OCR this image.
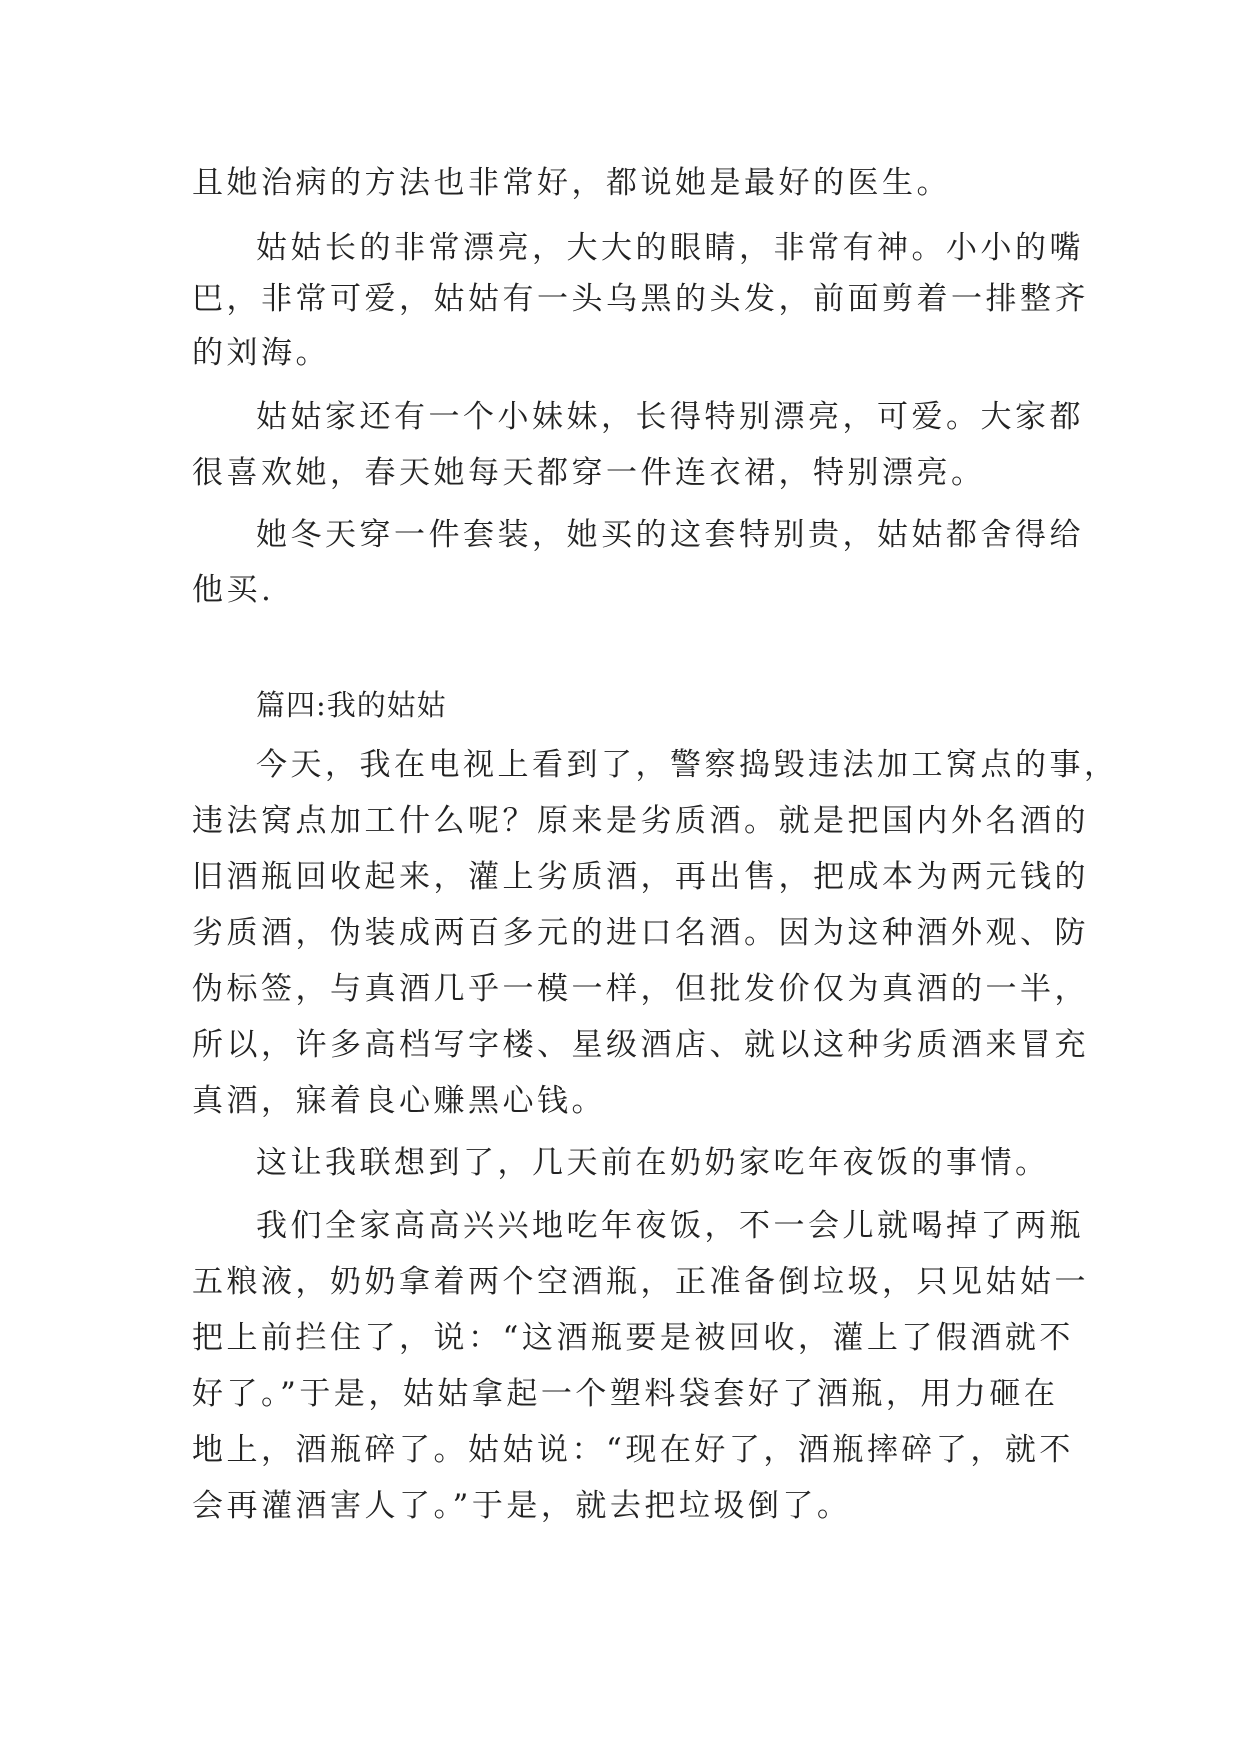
且她治病的方法也非常好，都说她是最好的医生。
姑姑长的非常漂亮，大大的眼睛，非常有神。小小的嘴
巴，非常可爱，姑姑有一头乌黑的头发，前面剪着一排整齐
的刘海。
姑姑家还有一个小妹妹，长得特别漂亮，可爱。大家都
很喜欢她，春天她每天都穿一件连衣裙，特别漂亮。
她冬天穿一件套装，她买的这套特别贵，姑姑都舍得给
他买.
篇四:我的姑姑
今天，我在电视上看到了，警察捣毁违法加工窝点的事，
违法窝点加工什么呢？原来是劣质酒。就是把国内外名酒的
旧酒瓶回收起来，灌上劣质酒，再出售，把成本为两元钱的
劣质酒，伪装成两百多元的进口名酒。因为这种酒外观、防
伪标签，与真酒几乎一模一样，但批发价仅为真酒的一半，
所以，许多高档写字楼、星级酒店、就以这种劣质酒来冒充
真酒，寐着良心赚黑心钱。
这让我联想到了，几天前在奶奶家吃年夜饭的事情。
我们全家高高兴兴地吃年夜饭，不一会儿就喝掉了两瓶
五粮液，奶奶拿着两个空酒瓶，正准备倒垃圾，只见姑姑一
把上前拦住了，说：“这酒瓶要是被回收，灌上了假酒就不
好了。”于是，姑姑拿起一个塑料袋套好了酒瓶，用力砸在
地上，酒瓶碎了。姑姑说：“现在好了，酒瓶摔碎了，就不
会再灌酒害人了。”于是，就去把垃圾倒了。
